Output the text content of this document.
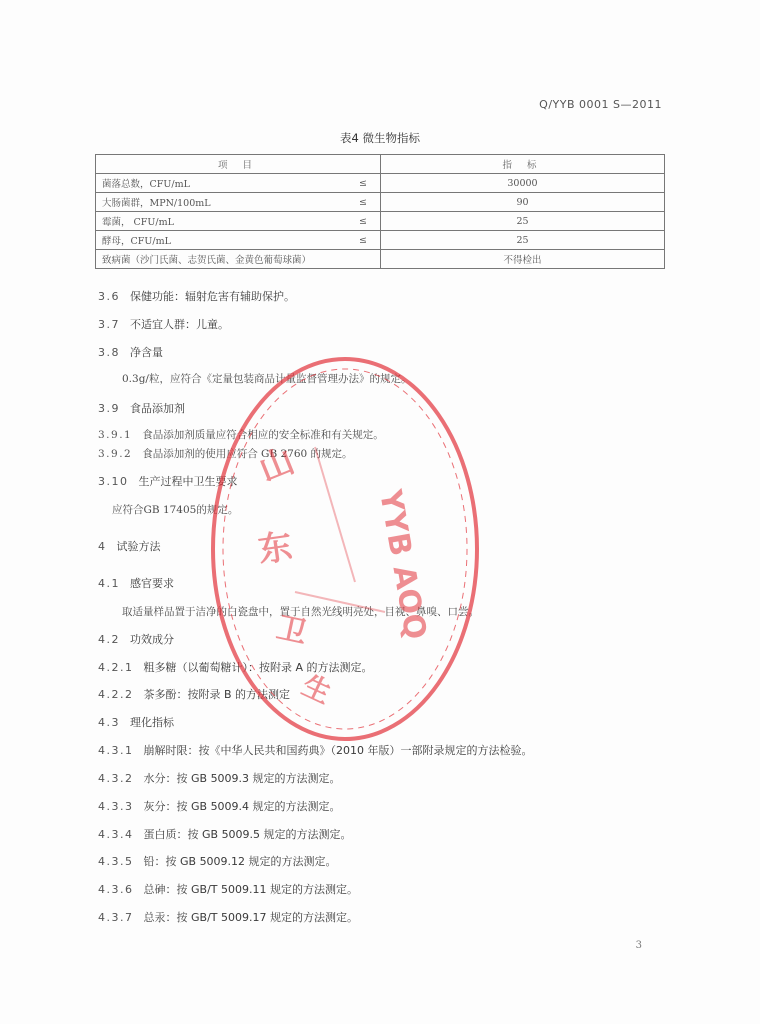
Q/YYB 0001 S—2011
表4 微生物指标
项 目		指 标
菌落总数，CFU/mL	≤	30000
大肠菌群，MPN/100mL	≤	90
霉菌， CFU/mL	≤	25
酵母，CFU/mL	≤	25
致病菌（沙门氏菌、志贺氏菌、金黄色葡萄球菌）		不得检出
3.6 保健功能：辐射危害有辅助保护。
3.7 不适宜人群：儿童。
3.8 净含量
0.3g/粒，应符合《定量包装商品计量监督管理办法》的规定。
3.9 食品添加剂
3.9.1 食品添加剂质量应符合相应的安全标准和有关规定。
3.9.2 食品添加剂的使用应符合 GB 2760 的规定。
3.10 生产过程中卫生要求
应符合GB 17405的规定。
4 试验方法
4.1 感官要求
取适量样品置于洁净的白瓷盘中，置于自然光线明亮处，目视、鼻嗅、口尝。
4.2 功效成分
4.2.1 粗多糖（以葡萄糖计）：按附录 A 的方法测定。
4.2.2 茶多酚：按附录 B 的方法测定
4.3 理化指标
4.3.1 崩解时限：按《中华人民共和国药典》（2010 年版）一部附录规定的方法检验。
4.3.2 水分：按 GB 5009.3 规定的方法测定。
4.3.3 灰分：按 GB 5009.4 规定的方法测定。
4.3.4 蛋白质：按 GB 5009.5 规定的方法测定。
4.3.5 铅：按 GB 5009.12 规定的方法测定。
4.3.6 总砷：按 GB/T 5009.11 规定的方法测定。
4.3.7 总汞：按 GB/T 5009.17 规定的方法测定。
3
山
东
卫
生
YYB AOQ
